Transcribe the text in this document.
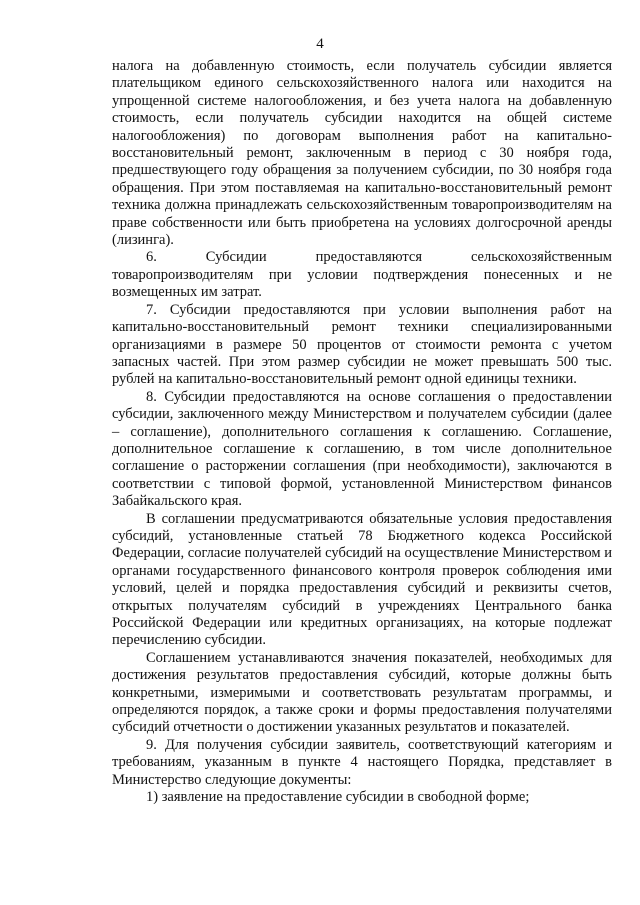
4

налога на добавленную стоимость, если получатель субсидии является плательщиком единого сельскохозяйственного налога или находится на упрощенной системе налогообложения, и без учета налога на добавленную стоимость, если получатель субсидии находится на общей системе налогообложения) по договорам выполнения работ на капитально-восстановительный ремонт, заключенным в период с 30 ноября года, предшествующего году обращения за получением субсидии, по 30 ноября года обращения. При этом поставляемая на капитально-восстановительный ремонт техника должна принадлежать сельскохозяйственным товаропроизводителям на праве собственности или быть приобретена на условиях долгосрочной аренды (лизинга).

6. Субсидии предоставляются сельскохозяйственным товаропроизводителям при условии подтверждения понесенных и не возмещенных им затрат.

7. Субсидии предоставляются при условии выполнения работ на капитально-восстановительный ремонт техники специализированными организациями в размере 50 процентов от стоимости ремонта с учетом запасных частей. При этом размер субсидии не может превышать 500 тыс. рублей на капитально-восстановительный ремонт одной единицы техники.

8. Субсидии предоставляются на основе соглашения о предоставлении субсидии, заключенного между Министерством и получателем субсидии (далее – соглашение), дополнительного соглашения к соглашению. Соглашение, дополнительное соглашение к соглашению, в том числе дополнительное соглашение о расторжении соглашения (при необходимости), заключаются в соответствии с типовой формой, установленной Министерством финансов Забайкальского края.

В соглашении предусматриваются обязательные условия предоставления субсидий, установленные статьей 78 Бюджетного кодекса Российской Федерации, согласие получателей субсидий на осуществление Министерством и органами государственного финансового контроля проверок соблюдения ими условий, целей и порядка предоставления субсидий и реквизиты счетов, открытых получателям субсидий в учреждениях Центрального банка Российской Федерации или кредитных организациях, на которые подлежат перечислению субсидии.

Соглашением устанавливаются значения показателей, необходимых для достижения результатов предоставления субсидий, которые должны быть конкретными, измеримыми и соответствовать результатам программы, и определяются порядок, а также сроки и формы предоставления получателями субсидий отчетности о достижении указанных результатов и показателей.

9. Для получения субсидии заявитель, соответствующий категориям и требованиям, указанным в пункте 4 настоящего Порядка, представляет в Министерство следующие документы:

1) заявление на предоставление субсидии в свободной форме;
